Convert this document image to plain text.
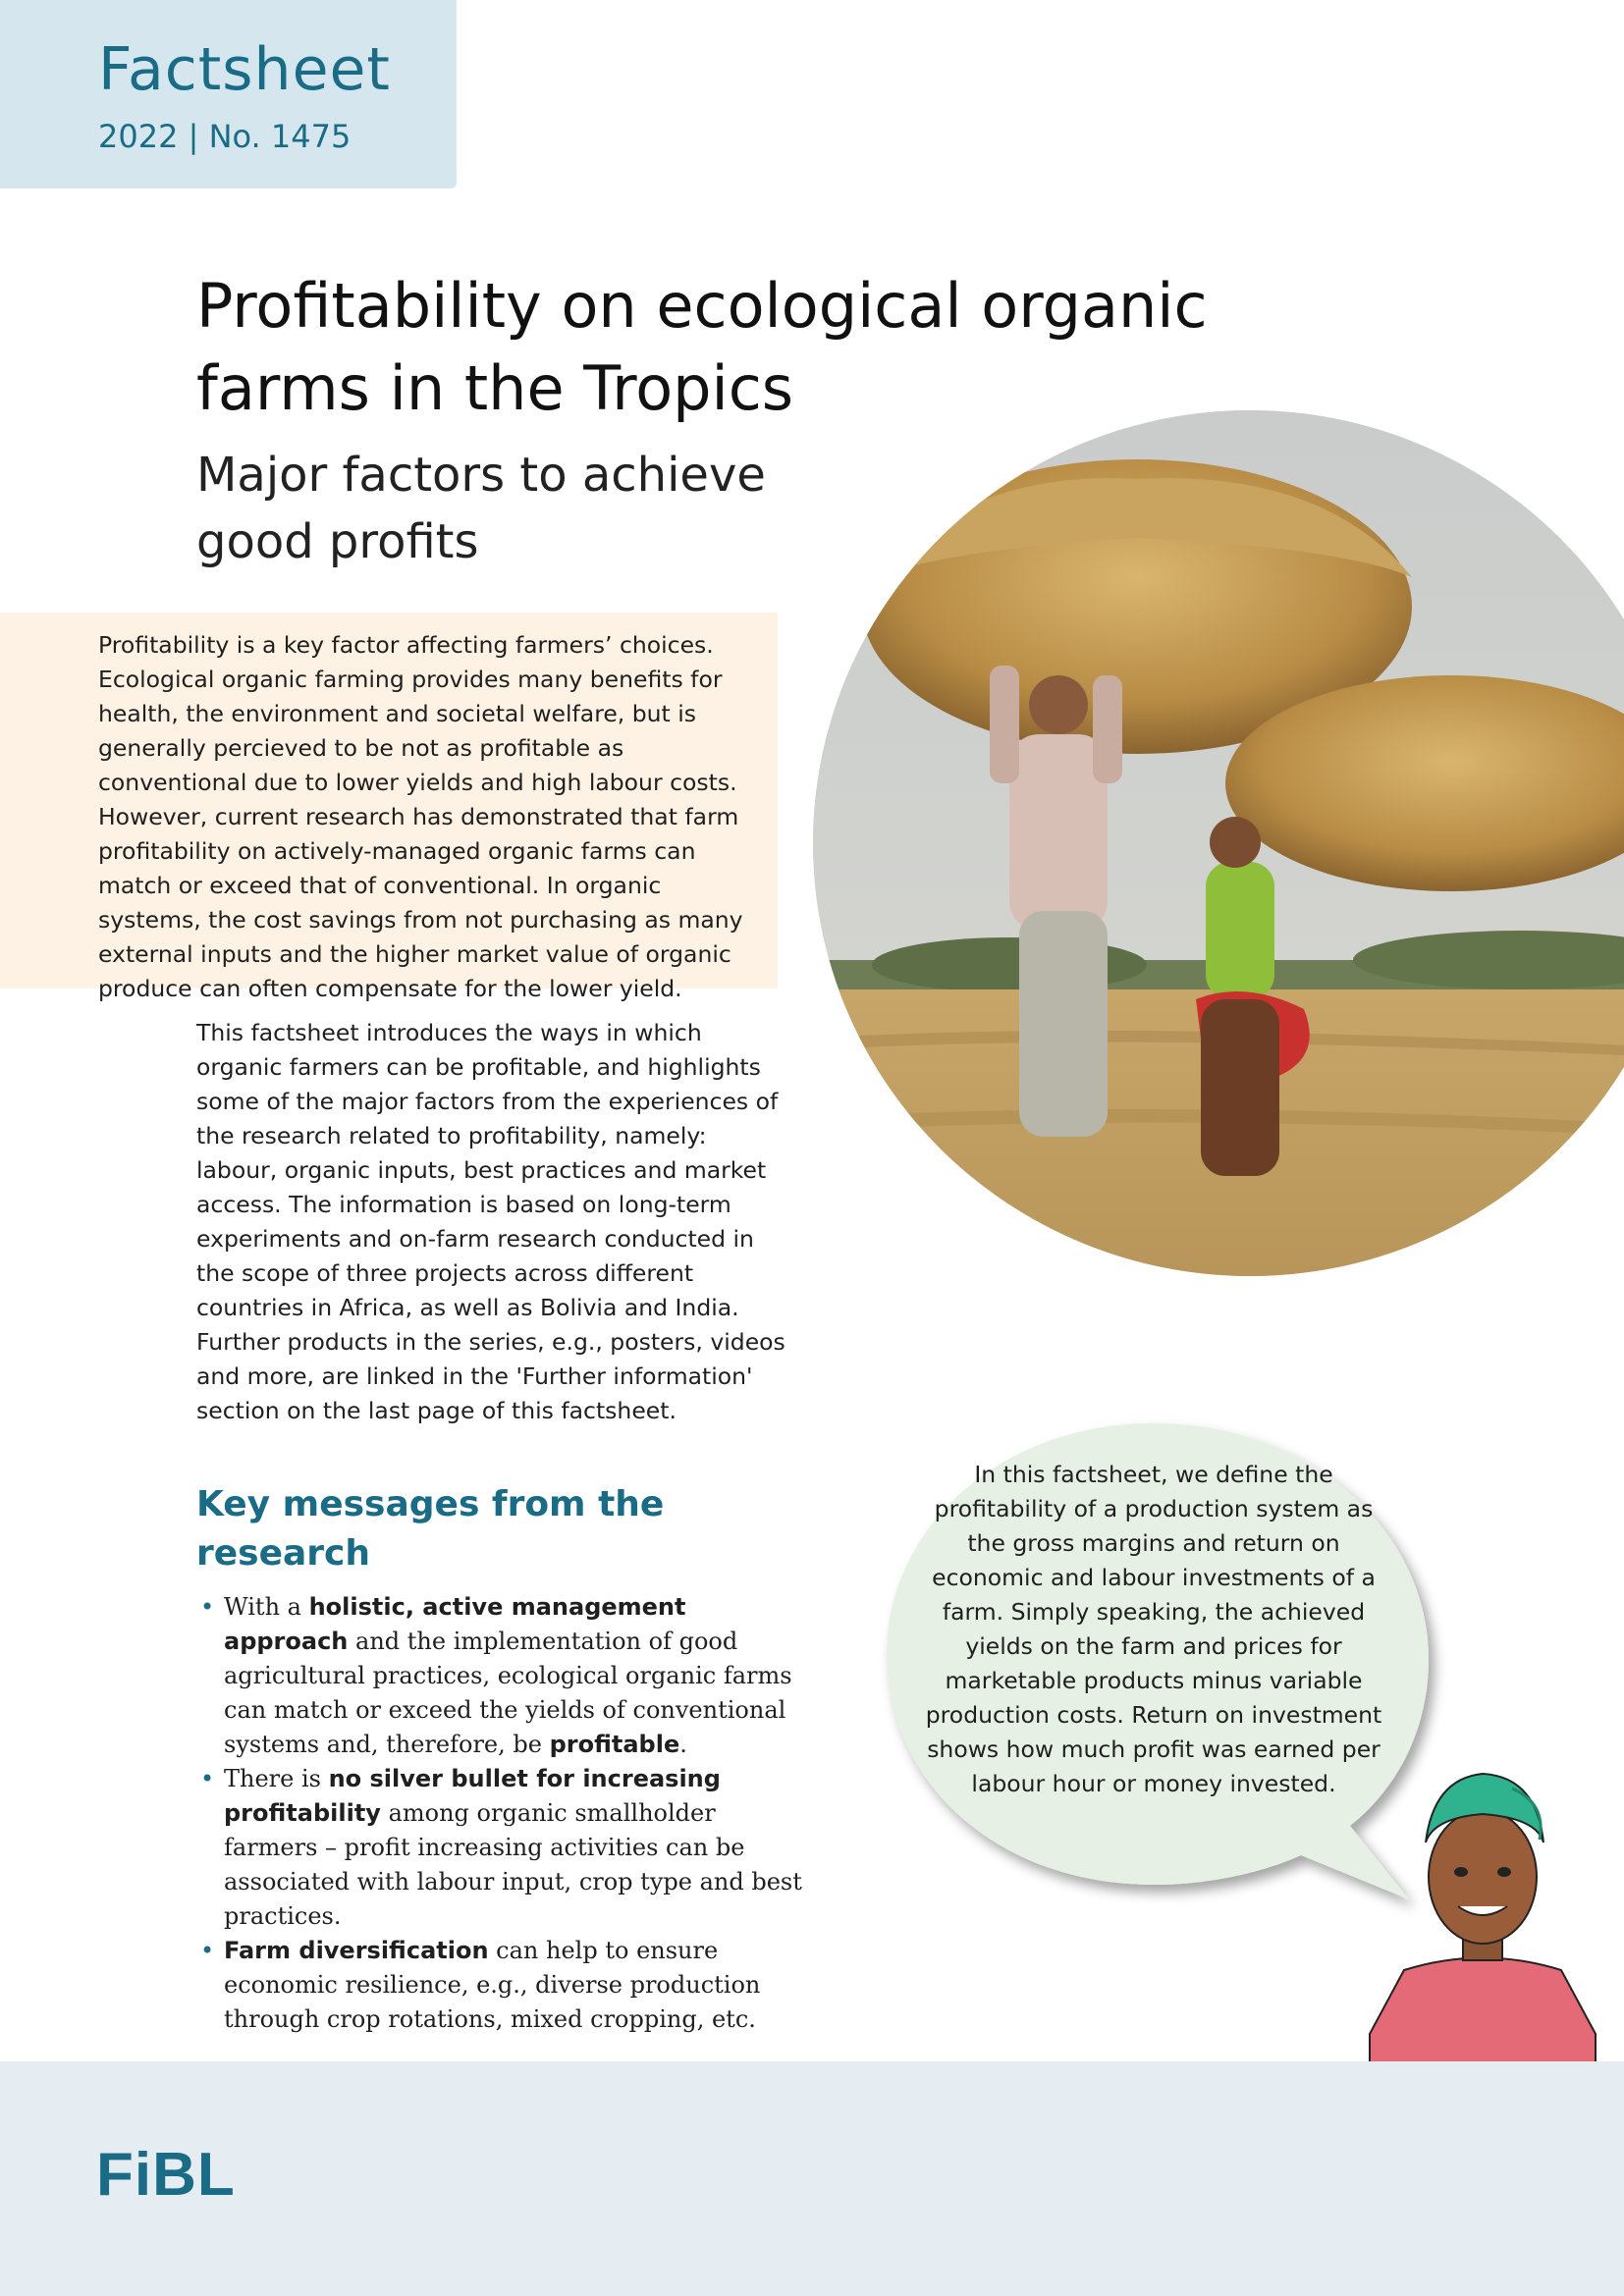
Factsheet

2022 | No. 1475

Profitability on ecological organic farms in the Tropics
Major factors to achieve good profits

Profitability is a key factor affecting farmers’ choices. Ecological organic farming provides many benefits for health, the environment and societal welfare, but is generally percieved to be not as profitable as conventional due to lower yields and high labour costs. However, current research has demonstrated that farm profitability on actively-managed organic farms can match or exceed that of conventional. In organic systems, the cost savings from not purchasing as many external inputs and the higher market value of organic produce can often compensate for the lower yield.

This factsheet introduces the ways in which organic farmers can be profitable, and highlights some of the major factors from the experiences of the research related to profitability, namely: labour, organic inputs, best practices and market access. The information is based on long-term experiments and on-farm research conducted in the scope of three projects across different countries in Africa, as well as Bolivia and India. Further products in the series, e.g., posters, videos and more, are linked in the 'Further information' section on the last page of this factsheet.

Key messages from the research
• With a holistic, active management approach and the implementation of good agricultural practices, ecological organic farms can match or exceed the yields of conventional systems and, therefore, be profitable.
• There is no silver bullet for increasing profitability among organic smallholder farmers – profit increasing activities can be associated with labour input, crop type and best practices.
• Farm diversification can help to ensure economic resilience, e.g., diverse production through crop rotations, mixed cropping, etc.

In this factsheet, we define the profitability of a production system as the gross margins and return on economic and labour investments of a farm. Simply speaking, the achieved yields on the farm and prices for marketable products minus variable production costs. Return on investment shows how much profit was earned per labour hour or money invested.

FiBL
